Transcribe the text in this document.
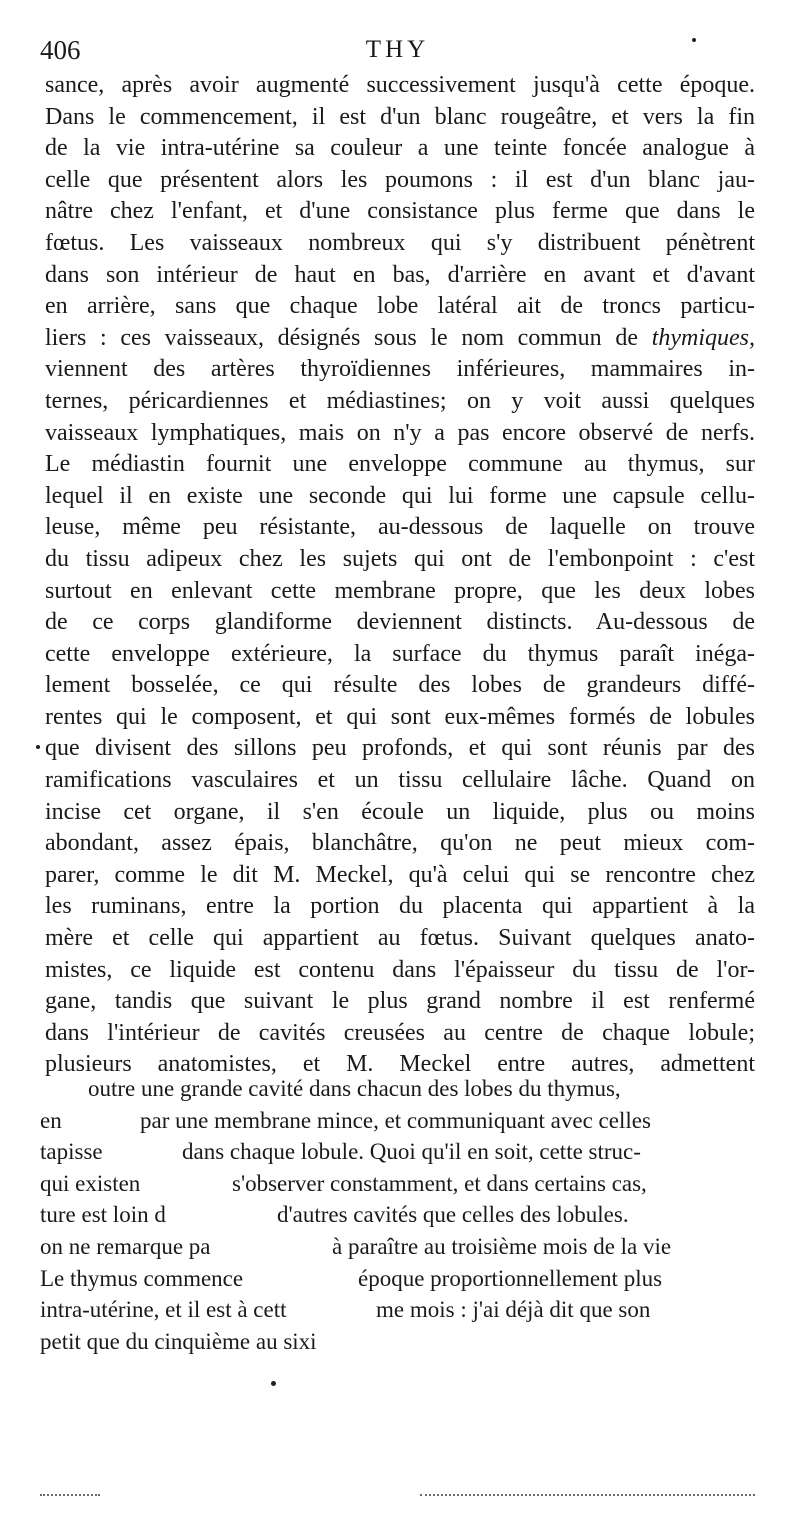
406	THY
sance, après avoir augmenté successivement jusqu'à cette époque.
Dans le commencement, il est d'un blanc rougeâtre, et vers la fin
de la vie intra-utérine sa couleur a une teinte foncée analogue à
celle que présentent alors les poumons : il est d'un blanc jau-
nâtre chez l'enfant, et d'une consistance plus ferme que dans le
fœtus. Les vaisseaux nombreux qui s'y distribuent pénètrent
dans son intérieur de haut en bas, d'arrière en avant et d'avant
en arrière, sans que chaque lobe latéral ait de troncs particu-
liers : ces vaisseaux, désignés sous le nom commun de thymiques,
viennent des artères thyroïdiennes inférieures, mammaires in-
ternes, péricardiennes et médiastines; on y voit aussi quelques
vaisseaux lymphatiques, mais on n'y a pas encore observé de nerfs.
Le médiastin fournit une enveloppe commune au thymus, sur
lequel il en existe une seconde qui lui forme une capsule cellu-
leuse, même peu résistante, au-dessous de laquelle on trouve
du tissu adipeux chez les sujets qui ont de l'embonpoint : c'est
surtout en enlevant cette membrane propre, que les deux lobes
de ce corps glandiforme deviennent distincts. Au-dessous de
cette enveloppe extérieure, la surface du thymus paraît inéga-
lement bosselée, ce qui résulte des lobes de grandeurs diffé-
rentes qui le composent, et qui sont eux-mêmes formés de lobules
que divisent des sillons peu profonds, et qui sont réunis par des
ramifications vasculaires et un tissu cellulaire lâche. Quand on
incise cet organe, il s'en écoule un liquide, plus ou moins
abondant, assez épais, blanchâtre, qu'on ne peut mieux com-
parer, comme le dit M. Meckel, qu'à celui qui se rencontre chez
les ruminans, entre la portion du placenta qui appartient à la
mère et celle qui appartient au fœtus. Suivant quelques anato-
mistes, ce liquide est contenu dans l'épaisseur du tissu de l'or-
gane, tandis que suivant le plus grand nombre il est renfermé
dans l'intérieur de cavités creusées au centre de chaque lobule;
plusieurs anatomistes, et M. Meckel entre autres, admettent
outre une grande cavité dans chacun des lobes du thymus,
en	par une membrane mince, et communiquant avec celles
tapisse	dans chaque lobule. Quoi qu'il en soit, cette struc-
qui existen	s'observer constamment, et dans certains cas,
ture est loin d	d'autres cavités que celles des lobules.
on ne remarque pa	à paraître au troisième mois de la vie
Le thymus commence	époque proportionnellement plus
intra-utérine, et il est à cett	me mois : j'ai déjà dit que son
petit que du cinquième au sixi
